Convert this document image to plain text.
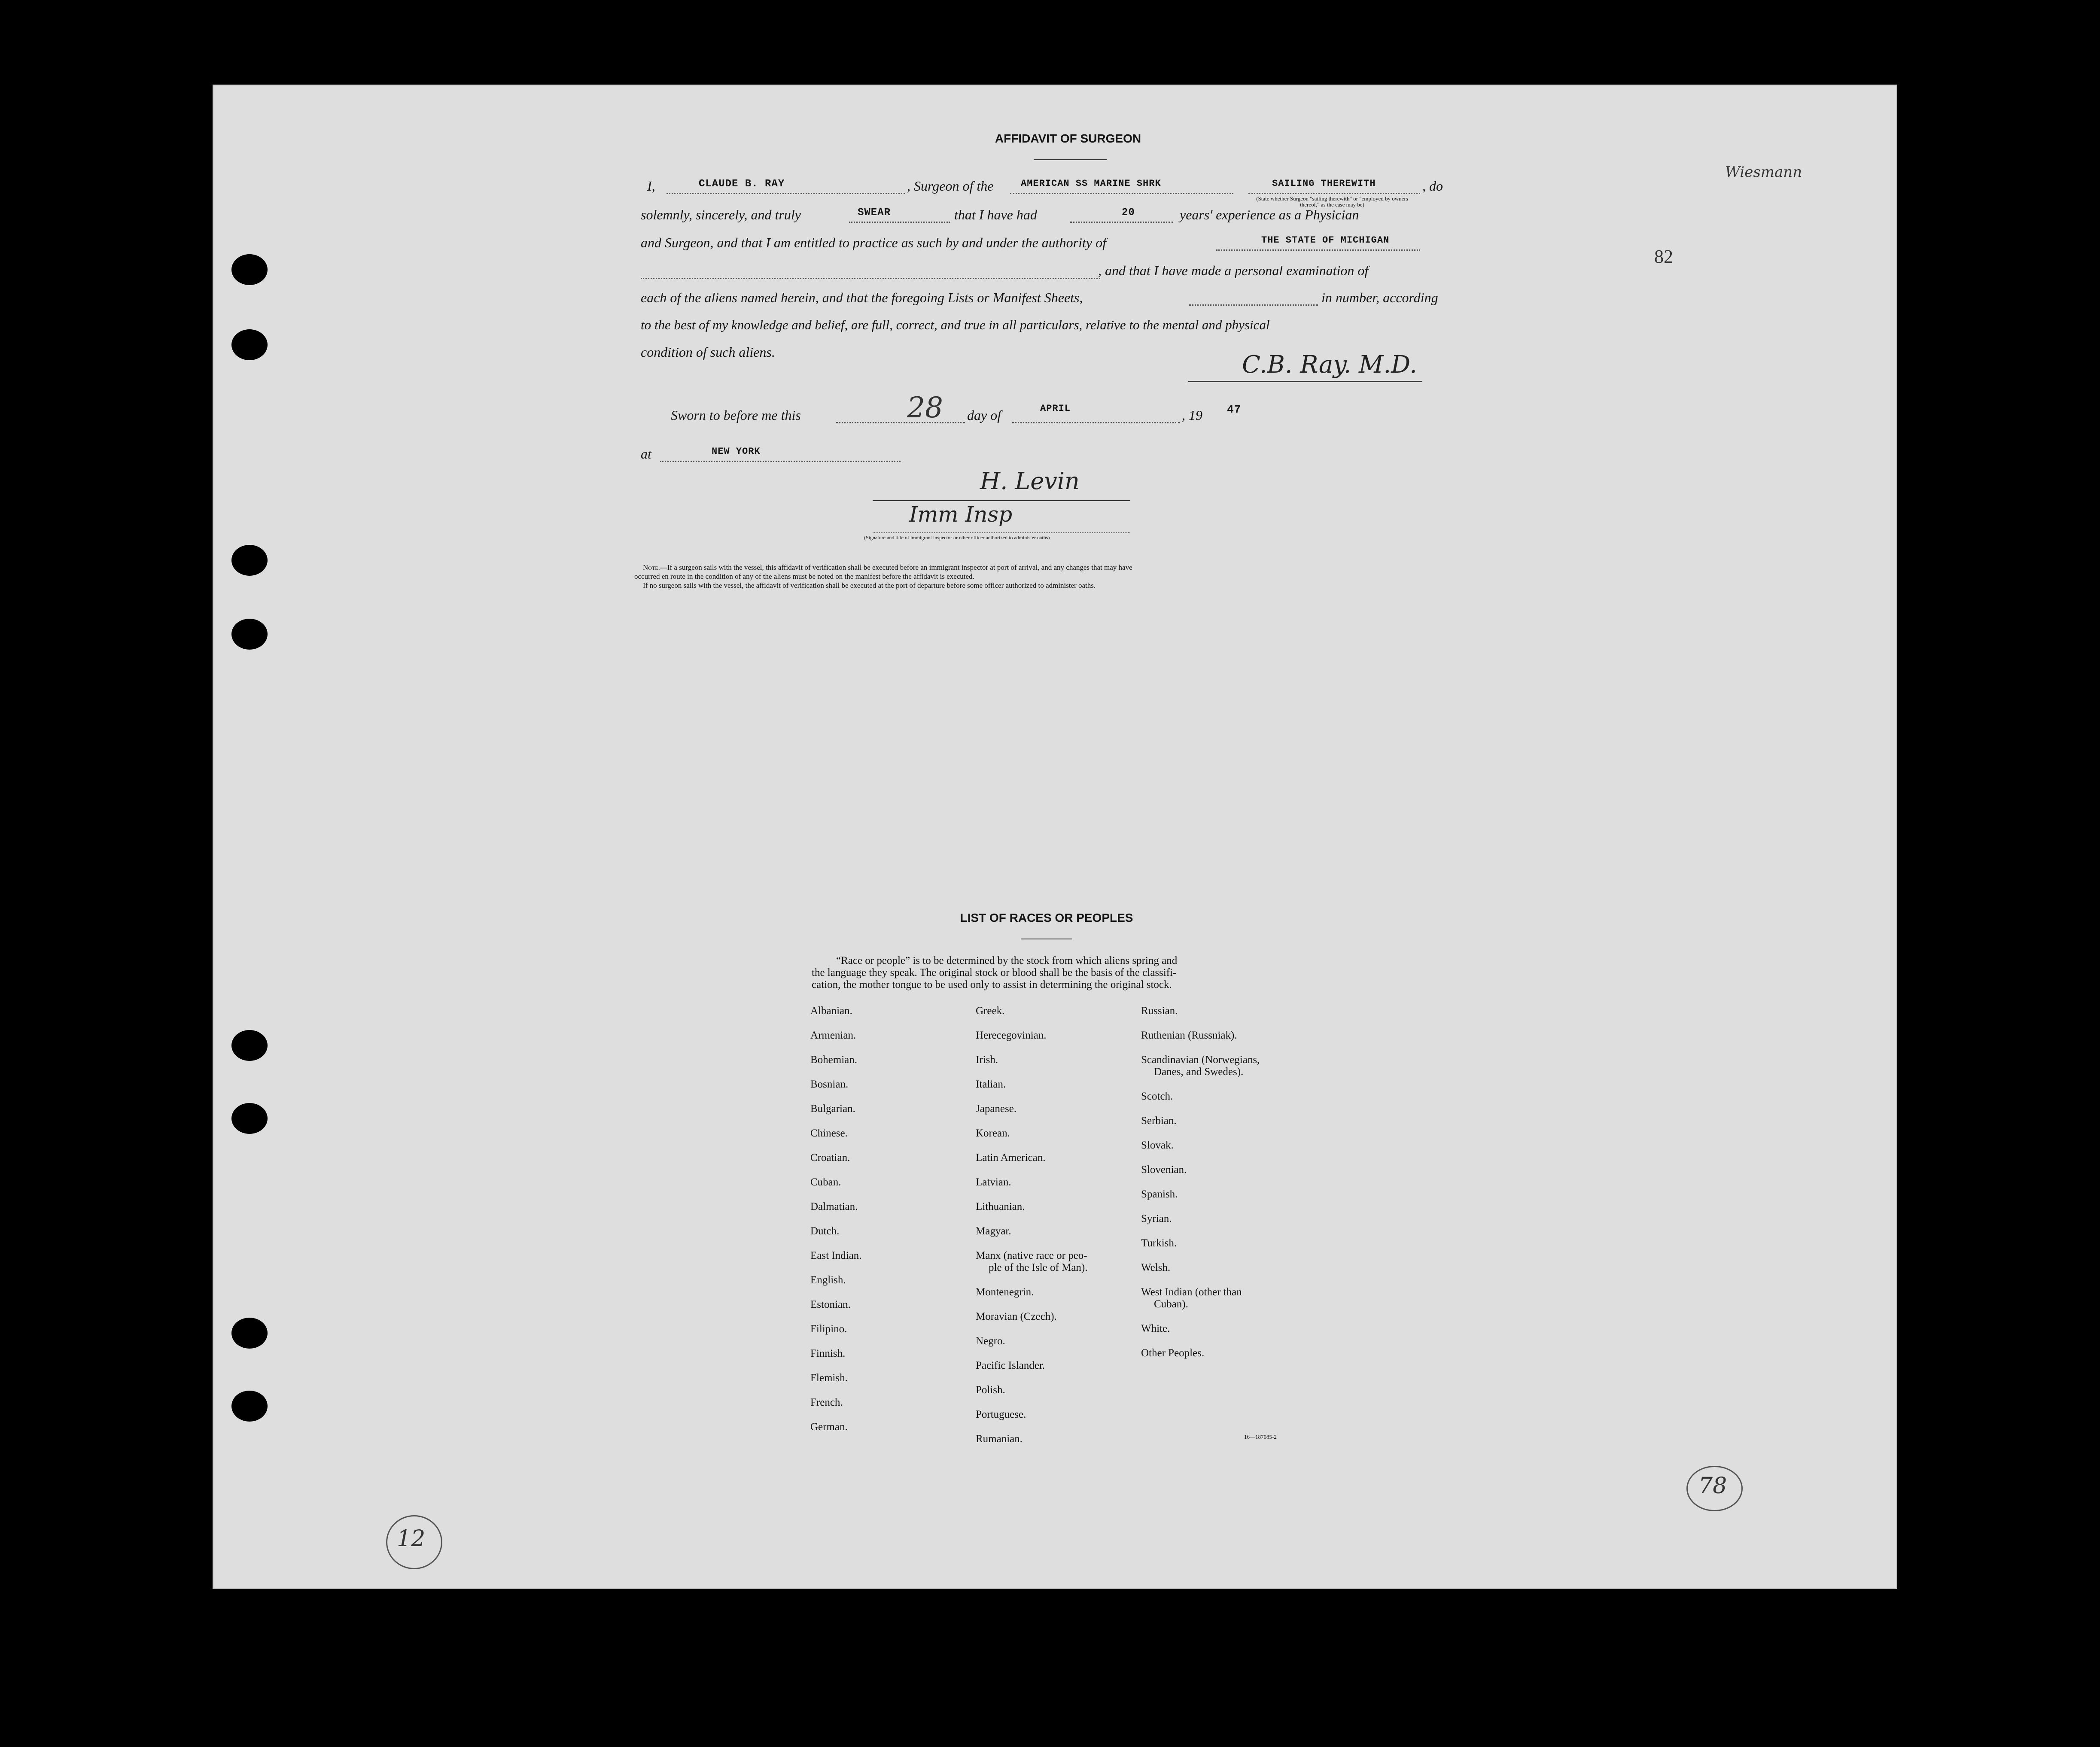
AFFIDAVIT OF SURGEON
I,	CLAUDE B. RAY	, Surgeon of the	AMERICAN SS MARINE SHRK	SAILING THEREWITH	, do
(State whether Surgeon "sailing therewith" or "employed by owners thereof," as the case may be)
solemnly, sincerely, and truly	SWEAR	that I have had	20	years' experience as a Physician
and Surgeon, and that I am entitled to practice as such by and under the authority of	THE STATE OF MICHIGAN
, and that I have made a personal examination of
each of the aliens named herein, and that the foregoing Lists or Manifest Sheets,	in number, according
to the best of my knowledge and belief, are full, correct, and true in all particulars, relative to the mental and physical
condition of such aliens.	C.B. Ray. M.D.
Sworn to before me this	28 day of	APRIL	, 19 47
at	NEW YORK
H. Levin
Imm Insp
(Signature and title of immigrant inspector or other officer authorized to administer oaths)
Note.—If a surgeon sails with the vessel, this affidavit of verification shall be executed before an immigrant inspector at port of arrival, and any changes that may have
occurred en route in the condition of any of the aliens must be noted on the manifest before the affidavit is executed.
If no surgeon sails with the vessel, the affidavit of verification shall be executed at the port of departure before some officer authorized to administer oaths.
LIST OF RACES OR PEOPLES
“Race or people” is to be determined by the stock from which aliens spring and
the language they speak. The original stock or blood shall be the basis of the classifi-
cation, the mother tongue to be used only to assist in determining the original stock.
Albanian.
Armenian.
Bohemian.
Bosnian.
Bulgarian.
Chinese.
Croatian.
Cuban.
Dalmatian.
Dutch.
East Indian.
English.
Estonian.
Filipino.
Finnish.
Flemish.
French.
German.
Greek.
Herecegovinian.
Irish.
Italian.
Japanese.
Korean.
Latin American.
Latvian.
Lithuanian.
Magyar.
Manx (native race or peo-
ple of the Isle of Man).
Montenegrin.
Moravian (Czech).
Negro.
Pacific Islander.
Polish.
Portuguese.
Rumanian.
Russian.
Ruthenian (Russniak).
Scandinavian (Norwegians,
Danes, and Swedes).
Scotch.
Serbian.
Slovak.
Slovenian.
Spanish.
Syrian.
Turkish.
Welsh.
West Indian (other than
Cuban).
White.
Other Peoples.
16—187085-2
Wiesmann
82
78
12
